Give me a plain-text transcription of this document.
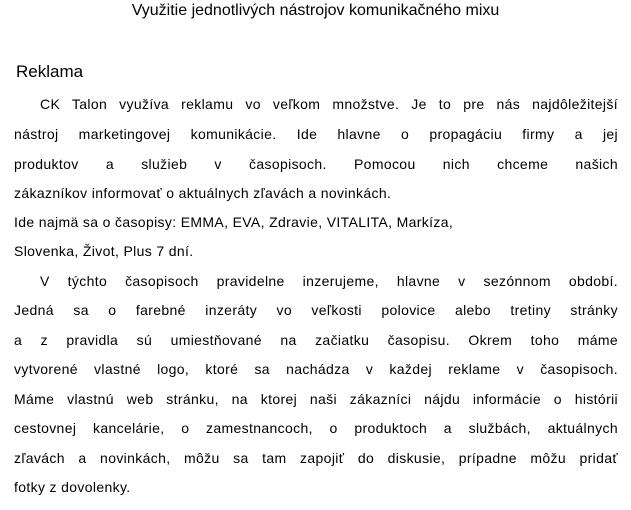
Využitie jednotlivých nástrojov komunikačného mixu
Reklama
CK Talon využíva reklamu vo veľkom množstve. Je to pre nás najdôležitejší
nástroj marketingovej komunikácie. Ide hlavne o propagáciu firmy a jej
produktov a služieb v časopisoch. Pomocou nich chceme našich
zákazníkov informovať o aktuálnych zľavách a novinkách.
Ide najmä sa o časopisy: EMMA, EVA, Zdravie, VITALITA, Markíza,
Slovenka, Život, Plus 7 dní.
V týchto časopisoch pravidelne inzerujeme, hlavne v sezónnom období.
Jedná sa o farebné inzeráty vo veľkosti polovice alebo tretiny stránky
a z pravidla sú umiestňované na začiatku časopisu. Okrem toho máme
vytvorené vlastné logo, ktoré sa nachádza v každej reklame v časopisoch.
Máme vlastnú web stránku, na ktorej naši zákazníci nájdu informácie o histórii
cestovnej kancelárie, o zamestnancoch, o produktoch a službách, aktuálnych
zľavách a novinkách, môžu sa tam zapojiť do diskusie, prípadne môžu pridať
fotky z dovolenky.
